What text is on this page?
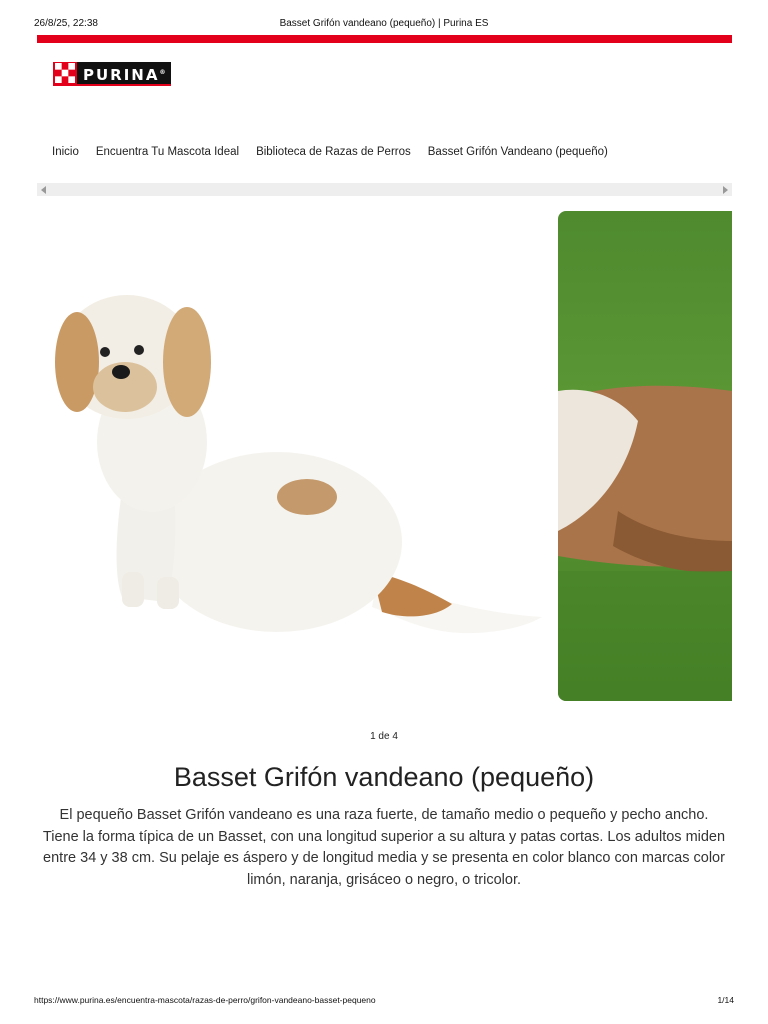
26/8/25, 22:38	Basset Grifón vandeano (pequeño) | Purina ES
PURINA®
Inicio Encuentra Tu Mascota Ideal Biblioteca de Razas de Perros Basset Grifón Vandeano (pequeño)
1 de 4
Basset Grifón vandeano (pequeño)

El pequeño Basset Grifón vandeano es una raza fuerte, de tamaño medio o pequeño y pecho ancho. Tiene la forma típica de un Basset, con una longitud superior a su altura y patas cortas. Los adultos miden entre 34 y 38 cm. Su pelaje es áspero y de longitud media y se presenta en color blanco con marcas color limón, naranja, grisáceo o negro, o tricolor.

https://www.purina.es/encuentra-mascota/razas-de-perro/grifon-vandeano-basset-pequeno	1/14
